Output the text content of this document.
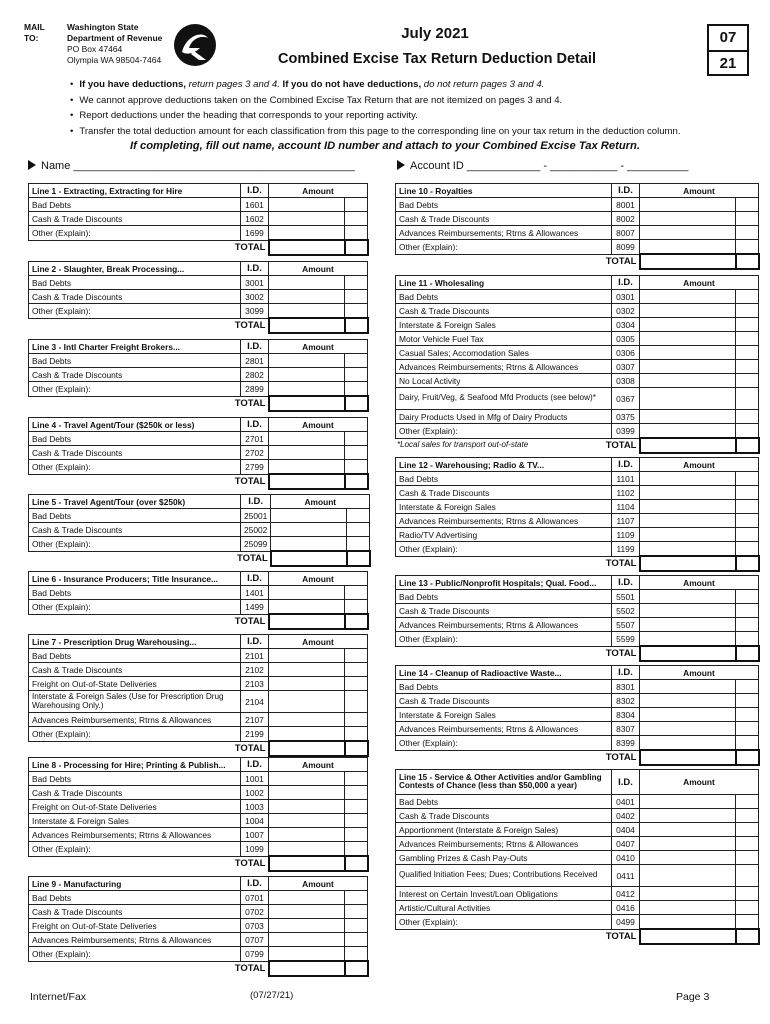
MAIL TO:
Washington State
Department of Revenue
PO Box 47464
Olympia WA 98504-7464
July 2021
Combined Excise Tax Return Deduction Detail
07
21
• If you have deductions, return pages 3 and 4. If you do not have deductions, do not return pages 3 and 4.
• We cannot approve deductions taken on the Combined Excise Tax Return that are not itemized on pages 3 and 4.
• Report deductions under the heading that corresponds to your reporting activity.
• Transfer the total deduction amount for each classification from this page to the corresponding line on your tax return in the deduction column.
If completing, fill out name, account ID number and attach to your Combined Excise Tax Return.
Name ______________________________________________	Account ID ____________ - ___________ - __________
Line 1 - Extracting, Extracting for Hire	I.D.	Amount	
Bad Debts	1601		
Cash & Trade Discounts	1602		
Other (Explain):	1699		
TOTAL			
Line 2 - Slaughter, Break Processing...	I.D.	Amount	
Bad Debts	3001		
Cash & Trade Discounts	3002		
Other (Explain):	3099		
TOTAL			
Line 3 - Intl Charter Freight Brokers...	I.D.	Amount	
Bad Debts	2801		
Cash & Trade Discounts	2802		
Other (Explain):	2899		
TOTAL			
Line 4 - Travel Agent/Tour ($250k or less)	I.D.	Amount	
Bad Debts	2701		
Cash & Trade Discounts	2702		
Other (Explain):	2799		
TOTAL			
Line 5 - Travel Agent/Tour (over $250k)	I.D.	Amount	
Bad Debts	25001		
Cash & Trade Discounts	25002		
Other (Explain):	25099		
TOTAL			
Line 6 - Insurance Producers; Title Insurance...	I.D.	Amount	
Bad Debts	1401		
Other (Explain):	1499		
TOTAL			
Line 7 - Prescription Drug Warehousing...	I.D.	Amount	
Bad Debts	2101		
Cash & Trade Discounts	2102		
Freight on Out-of-State Deliveries	2103		
Interstate & Foreign Sales (Use for Prescription Drug Warehousing Only.)	2104		
Advances Reimbursements; Rtrns & Allowances	2107		
Other (Explain):	2199		
TOTAL			
Line 8 - Processing for Hire; Printing & Publish...	I.D.	Amount	
Bad Debts	1001		
Cash & Trade Discounts	1002		
Freight on Out-of-State Deliveries	1003		
Interstate & Foreign Sales	1004		
Advances Reimbursements; Rtrns & Allowances	1007		
Other (Explain):	1099		
TOTAL			
Line 9 - Manufacturing	I.D.	Amount	
Bad Debts	0701		
Cash & Trade Discounts	0702		
Freight on Out-of-State Deliveries	0703		
Advances Reimbursements; Rtrns & Allowances	0707		
Other (Explain):	0799		
TOTAL			
Line 10 - Royalties	I.D.	Amount	
Bad Debts	8001		
Cash & Trade Discounts	8002		
Advances Reimbursements; Rtrns & Allowances	8007		
Other (Explain):	8099		
TOTAL			
Line 11 - Wholesaling	I.D.	Amount	
Bad Debts	0301		
Cash & Trade Discounts	0302		
Interstate & Foreign Sales	0304		
Motor Vehicle Fuel Tax	0305		
Casual Sales; Accomodation Sales	0306		
Advances Reimbursements; Rtrns & Allowances	0307		
No Local Activity	0308		
Dairy, Fruit/Veg, & Seafood Mfd Products (see below)*	0367		
Dairy Products Used in Mfg of Dairy Products	0375		
Other (Explain):	0399		
TOTAL			
Line 12 - Warehousing; Radio & TV...	I.D.	Amount	
Bad Debts	1101		
Cash & Trade Discounts	1102		
Interstate & Foreign Sales	1104		
Advances Reimbursements; Rtrns & Allowances	1107		
Radio/TV Advertising	1109		
Other (Explain):	1199		
TOTAL			
Line 13 - Public/Nonprofit Hospitals; Qual. Food...	I.D.	Amount	
Bad Debts	5501		
Cash & Trade Discounts	5502		
Advances Reimbursements; Rtrns & Allowances	5507		
Other (Explain):	5599		
TOTAL			
Line 14 - Cleanup of Radioactive Waste...	I.D.	Amount	
Bad Debts	8301		
Cash & Trade Discounts	8302		
Interstate & Foreign Sales	8304		
Advances Reimbursements; Rtrns & Allowances	8307		
Other (Explain):	8399		
TOTAL			
Line 15 - Service & Other Activities and/or Gambling Contests of Chance (less than $50,000 a year)	I.D.	Amount	
Bad Debts	0401		
Cash & Trade Discounts	0402		
Apportionment (Interstate & Foreign Sales)	0404		
Advances Reimbursements; Rtrns & Allowances	0407		
Gambling Prizes & Cash Pay-Outs	0410		
Qualified Initiation Fees; Dues; Contributions Received	0411		
Interest on Certain Invest/Loan Obligations	0412		
Artistic/Cultural Activities	0416		
Other (Explain):	0499		
TOTAL			
*Local sales for transport out-of-state
Internet/Fax	(07/27/21)	Page 3
